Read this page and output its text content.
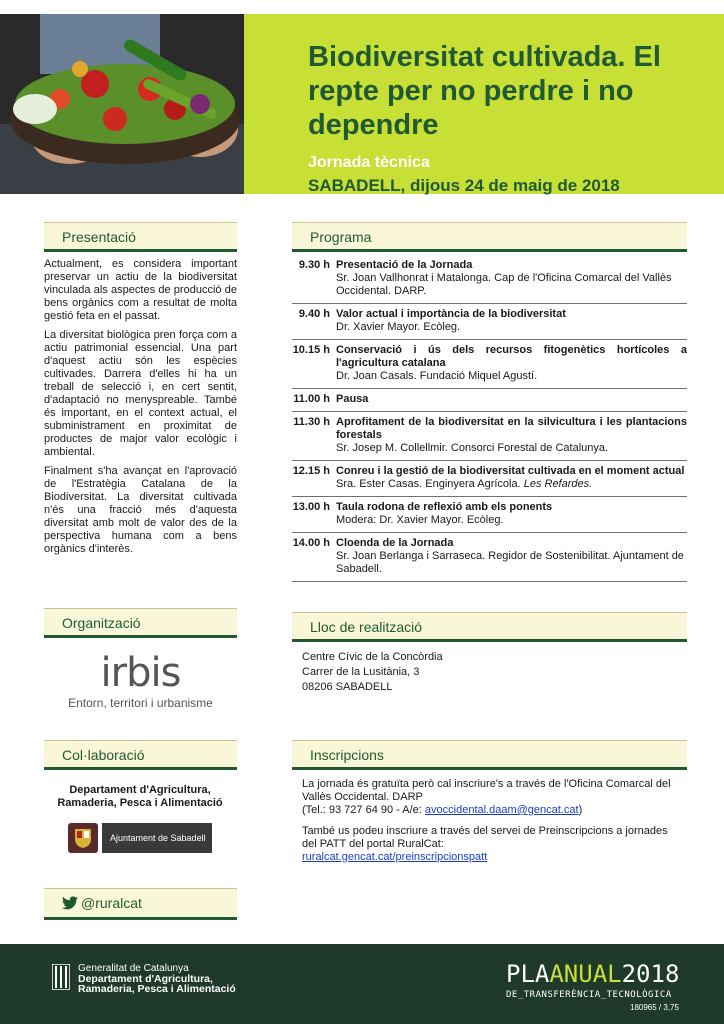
Biodiversitat cultivada. El repte per no perdre i no dependre
Jornada tècnica
SABADELL, dijous 24 de maig de 2018
Presentació

Actualment, es considera important preservar un actiu de la biodiversitat vinculada als aspectes de producció de bens orgànics com a resultat de molta gestió feta en el passat.

La diversitat biològica pren força com a actiu patrimonial essencial. Una part d'aquest actiu són les espècies cultivades. Darrera d'elles hi ha un treball de selecció i, en cert sentit, d'adaptació no menyspreable. També és important, en el context actual, el subministrament en proximitat de productes de major valor ecològic i ambiental.

Finalment s'ha avançat en l'aprovació de l'Estratègia Catalana de la Biodiversitat. La diversitat cultivada n'és una fracció més d'aquesta diversitat amb molt de valor des de la perspectiva humana com a bens orgànics d'interès.

Programa
9.30 h Presentació de la Jornada
Sr. Joan Vallhonrat i Matalonga. Cap de l'Oficina Comarcal del Vallès Occidental. DARP.
9.40 h Valor actual i importància de la biodiversitat
Dr. Xavier Mayor. Ecòleg.
10.15 h Conservació i ús dels recursos fitogenètics hortícoles a l'agricultura catalana
Dr. Joan Casals. Fundació Miquel Agustí.
11.00 h Pausa
11.30 h Aprofitament de la biodiversitat en la silvicultura i les plantacions forestals
Sr. Josep M. Collellmir. Consorci Forestal de Catalunya.
12.15 h Conreu i la gestió de la biodiversitat cultivada en el moment actual
Sra. Ester Casas. Enginyera Agrícola. Les Refardes.
13.00 h Taula rodona de reflexió amb els ponents
Modera: Dr. Xavier Mayor. Ecòleg.
14.00 h Cloenda de la Jornada
Sr. Joan Berlanga i Sarraseca. Regidor de Sostenibilitat. Ajuntament de Sabadell.
Organització
irbis
Entorn, territori i urbanisme
Lloc de realització
Centre Cívic de la Concòrdia
Carrer de la Lusitània, 3
08206 SABADELL
Col·laboració
Departament d'Agricultura, Ramaderia, Pesca i Alimentació
Ajuntament de Sabadell
Inscripcions

La jornada és gratuïta però cal inscriure's a través de l'Oficina Comarcal del Vallès Occidental. DARP
(Tel.: 93 727 64 90 - A/e: avoccidental.daam@gencat.cat)

També us podeu inscriure a través del servei de Preinscripcions a jornades del PATT del portal RuralCat:
ruralcat.gencat.cat/preinscripcionspatt

@ruralcat
Generalitat de Catalunya
Departament d'Agricultura,
Ramaderia, Pesca i Alimentació
PLAANUAL2018
DE_TRANSFERÈNCIA_TECNOLÒGICA
180965 / 3,75
